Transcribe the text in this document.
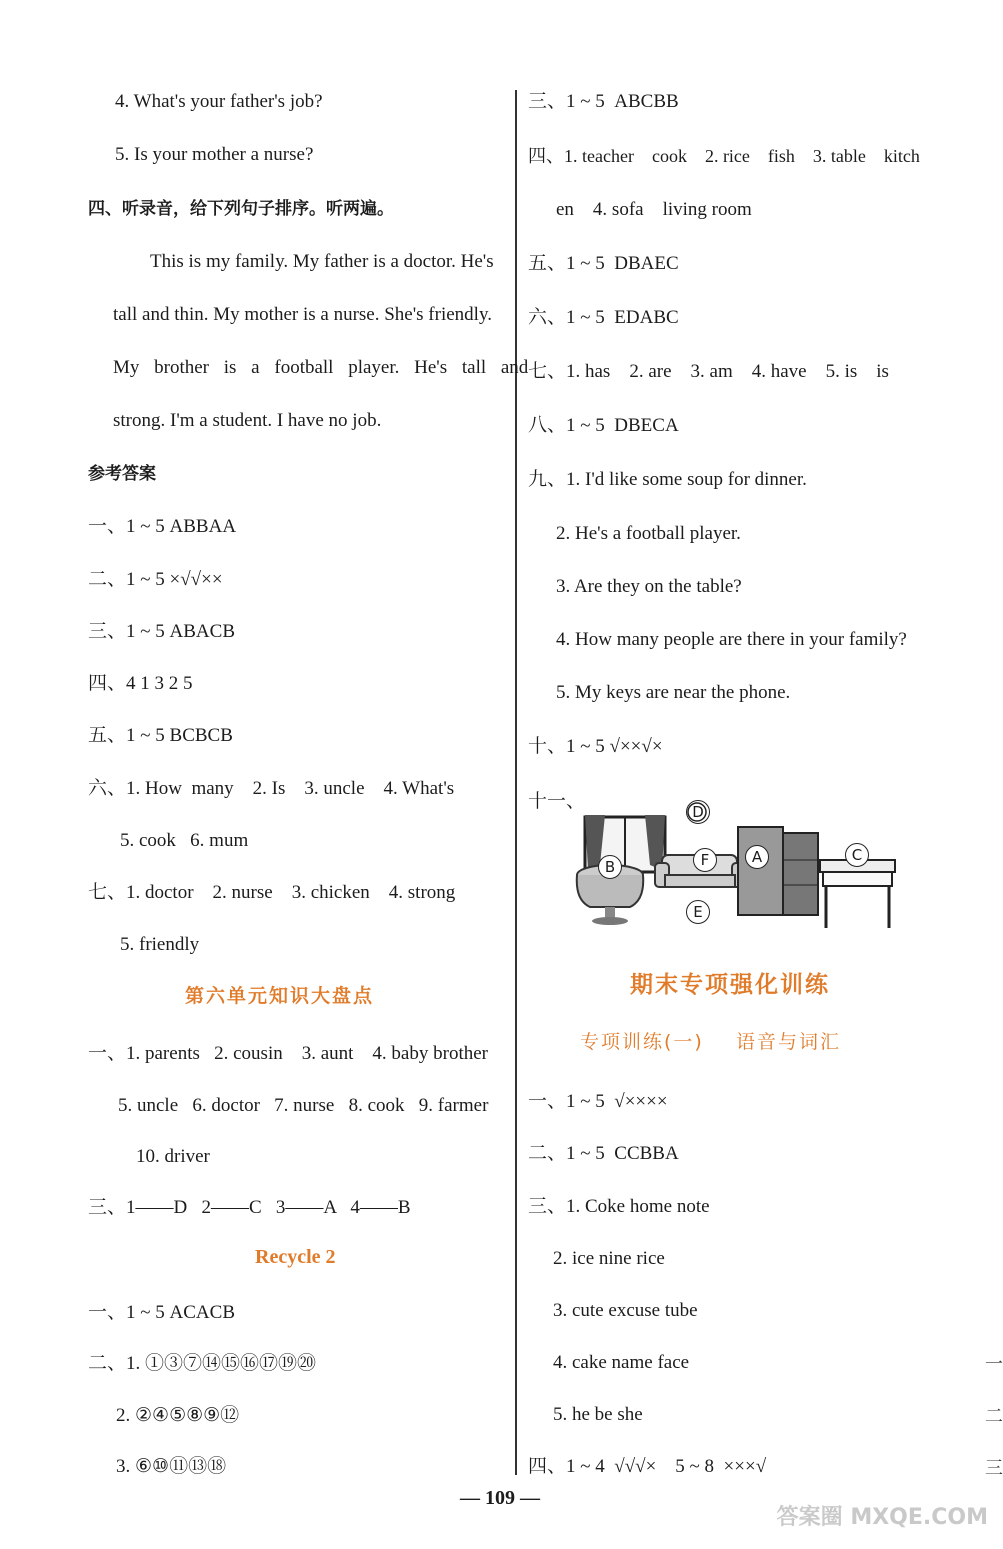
4. What's your father's job?
5. Is your mother a nurse?
四、听录音，给下列句子排序。听两遍。
This is my family. My father is a doctor. He's
tall and thin. My mother is a nurse. She's friendly.
My brother is a football player. He's tall and
strong. I'm a student. I have no job.
参考答案
一、1 ~ 5 ABBAA
二、1 ~ 5 ×√√××
三、1 ~ 5 ABACB
四、4 1 3 2 5
五、1 ~ 5 BCBCB
六、1. How  many    2. Is    3. uncle    4. What's
5. cook   6. mum
七、1. doctor    2. nurse    3. chicken    4. strong
5. friendly
第六单元知识大盘点
一、1. parents   2. cousin    3. aunt    4. baby brother
5. uncle   6. doctor   7. nurse   8. cook   9. farmer
10. driver
三、1——D   2——C   3——A   4——B
Recycle 2
一、1 ~ 5 ACACB
二、1. ①③⑦⑭⑮⑯⑰⑲⑳
2. ②④⑤⑧⑨⑫
3. ⑥⑩⑪⑬⑱
三、1 ~ 5  ABCBB
四、1. teacher    cook    2. rice    fish    3. table    kitch
en    4. sofa    living room
五、1 ~ 5  DBAEC
六、1 ~ 5  EDABC
七、1. has    2. are    3. am    4. have    5. is    is
八、1 ~ 5  DBECA
九、1. I'd like some soup for dinner.
2. He's a football player.
3. Are they on the table?
4. How many people are there in your family?
5. My keys are near the phone.
十、1 ~ 5 √××√×
十一、	D
B	F	A	C
E
期末专项强化训练
专项训练(一)    语音与词汇
一、1 ~ 5  √××××
二、1 ~ 5  CCBBA
三、1. Coke home note
2. ice nine rice
3. cute excuse tube
4. cake name face
5. he be she
四、1 ~ 4  √√√×    5 ~ 8  ×××√
一
二
三
— 109 —
答案圈 MXQE.COM
